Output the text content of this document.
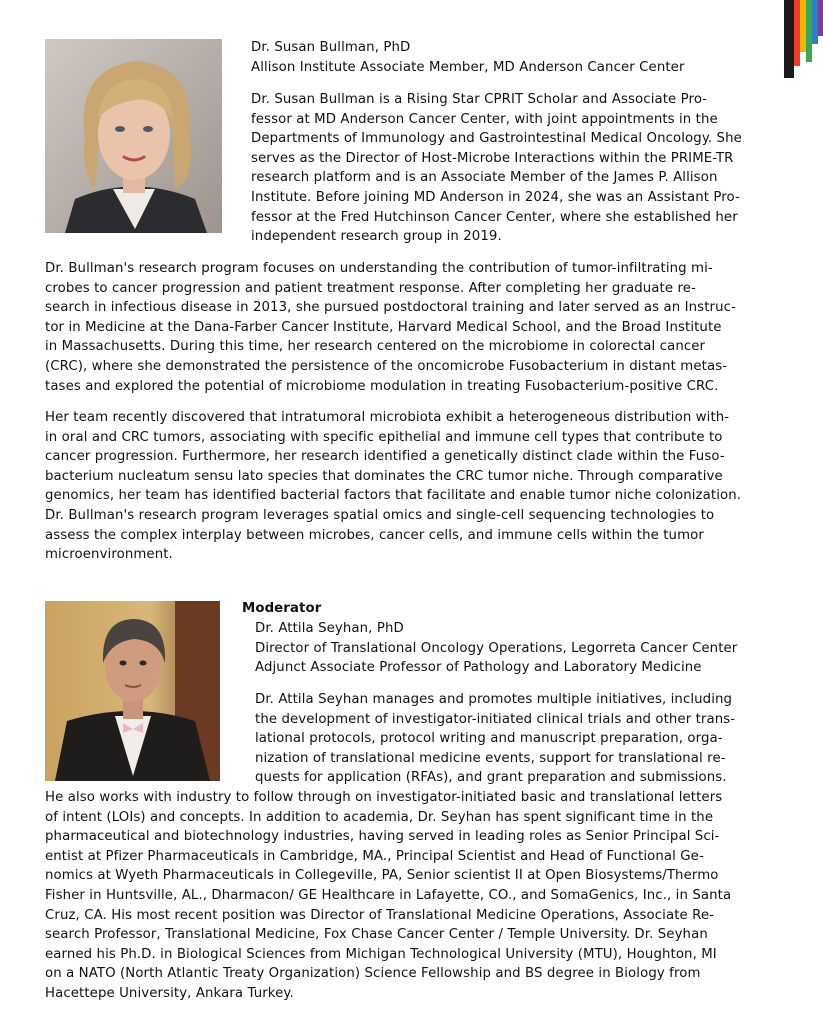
Dr. Susan Bullman, PhD
Allison Institute Associate Member, MD Anderson Cancer Center

Dr. Susan Bullman is a Rising Star CPRIT Scholar and Associate Pro-

fessor at MD Anderson Cancer Center, with joint appointments in the

Departments of Immunology and Gastrointestinal Medical Oncology. She

serves as the Director of Host-Microbe Interactions within the PRIME-TR

research platform and is an Associate Member of the James P. Allison

Institute. Before joining MD Anderson in 2024, she was an Assistant Pro-

fessor at the Fred Hutchinson Cancer Center, where she established her

independent research group in 2019.

Dr. Bullman's research program focuses on understanding the contribution of tumor-infiltrating mi-

crobes to cancer progression and patient treatment response. After completing her graduate re-

search in infectious disease in 2013, she pursued postdoctoral training and later served as an Instruc-

tor in Medicine at the Dana-Farber Cancer Institute, Harvard Medical School, and the Broad Institute

in Massachusetts. During this time, her research centered on the microbiome in colorectal cancer

(CRC), where she demonstrated the persistence of the oncomicrobe Fusobacterium in distant metas-

tases and explored the potential of microbiome modulation in treating Fusobacterium-positive CRC.

Her team recently discovered that intratumoral microbiota exhibit a heterogeneous distribution with-

in oral and CRC tumors, associating with specific epithelial and immune cell types that contribute to

cancer progression. Furthermore, her research identified a genetically distinct clade within the Fuso-

bacterium nucleatum sensu lato species that dominates the CRC tumor niche. Through comparative

genomics, her team has identified bacterial factors that facilitate and enable tumor niche colonization.

Dr. Bullman's research program leverages spatial omics and single-cell sequencing technologies to

assess the complex interplay between microbes, cancer cells, and immune cells within the tumor

microenvironment.

Moderator
Dr. Attila Seyhan, PhD
Director of Translational Oncology Operations, Legorreta Cancer Center
Adjunct Associate Professor of Pathology and Laboratory Medicine

Dr. Attila Seyhan manages and promotes multiple initiatives, including

the development of investigator-initiated clinical trials and other trans-

lational protocols, protocol writing and manuscript preparation, orga-

nization of translational medicine events, support for translational re-

quests for application (RFAs), and grant preparation and submissions.

He also works with industry to follow through on investigator-initiated basic and translational letters

of intent (LOIs) and concepts. In addition to academia, Dr. Seyhan has spent significant time in the

pharmaceutical and biotechnology industries, having served in leading roles as Senior Principal Sci-

entist at Pfizer Pharmaceuticals in Cambridge, MA., Principal Scientist and Head of Functional Ge-

nomics at Wyeth Pharmaceuticals in Collegeville, PA, Senior scientist II at Open Biosystems/Thermo

Fisher in Huntsville, AL., Dharmacon/ GE Healthcare in Lafayette, CO., and SomaGenics, Inc., in Santa

Cruz, CA. His most recent position was Director of Translational Medicine Operations, Associate Re-

search Professor, Translational Medicine, Fox Chase Cancer Center / Temple University. Dr. Seyhan

earned his Ph.D. in Biological Sciences from Michigan Technological University (MTU), Houghton, MI

on a NATO (North Atlantic Treaty Organization) Science Fellowship and BS degree in Biology from

Hacettepe University, Ankara Turkey.
